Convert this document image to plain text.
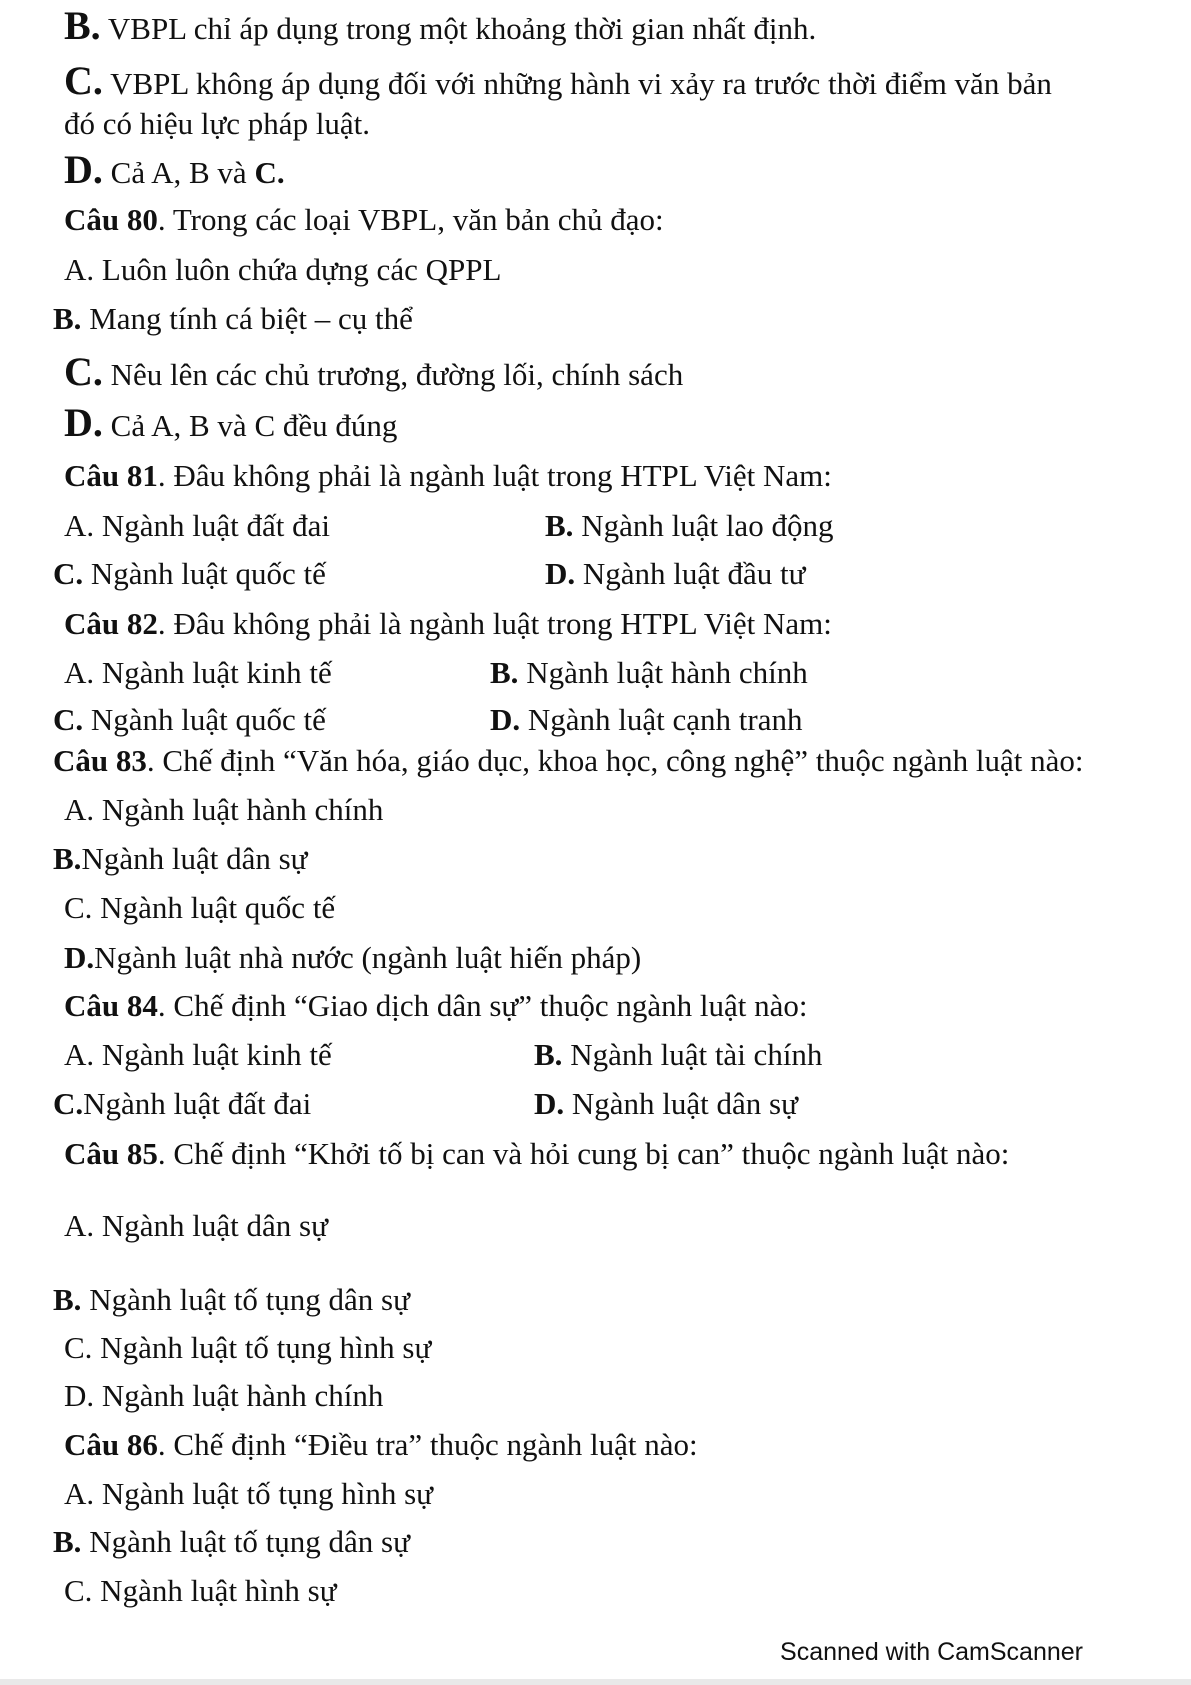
B. VBPL chỉ áp dụng trong một khoảng thời gian nhất định.
C. VBPL không áp dụng đối với những hành vi xảy ra trước thời điểm văn bản
đó có hiệu lực pháp luật.
D. Cả A, B và C.
Câu 80. Trong các loại VBPL, văn bản chủ đạo:
A. Luôn luôn chứa dựng các QPPL
B. Mang tính cá biệt – cụ thể
C. Nêu lên các chủ trương, đường lối, chính sách
D. Cả A, B và C đều đúng
Câu 81. Đâu không phải là ngành luật trong HTPL Việt Nam:
A. Ngành luật đất đai	B. Ngành luật lao động
C. Ngành luật quốc tế	D. Ngành luật đầu tư
Câu 82. Đâu không phải là ngành luật trong HTPL Việt Nam:
A. Ngành luật kinh tế	B. Ngành luật hành chính
C. Ngành luật quốc tế	D. Ngành luật cạnh tranh
Câu 83. Chế định “Văn hóa, giáo dục, khoa học, công nghệ” thuộc ngành luật nào:
A. Ngành luật hành chính
B.Ngành luật dân sự
C. Ngành luật quốc tế
D.Ngành luật nhà nước (ngành luật hiến pháp)
Câu 84. Chế định “Giao dịch dân sự” thuộc ngành luật nào:
A. Ngành luật kinh tế	B. Ngành luật tài chính
C.Ngành luật đất đai	D. Ngành luật dân sự
Câu 85. Chế định “Khởi tố bị can và hỏi cung bị can” thuộc ngành luật nào:
A. Ngành luật dân sự
B. Ngành luật tố tụng dân sự
C. Ngành luật tố tụng hình sự
D. Ngành luật hành chính
Câu 86. Chế định “Điều tra” thuộc ngành luật nào:
A. Ngành luật tố tụng hình sự
B. Ngành luật tố tụng dân sự
C. Ngành luật hình sự
Scanned with CamScanner
